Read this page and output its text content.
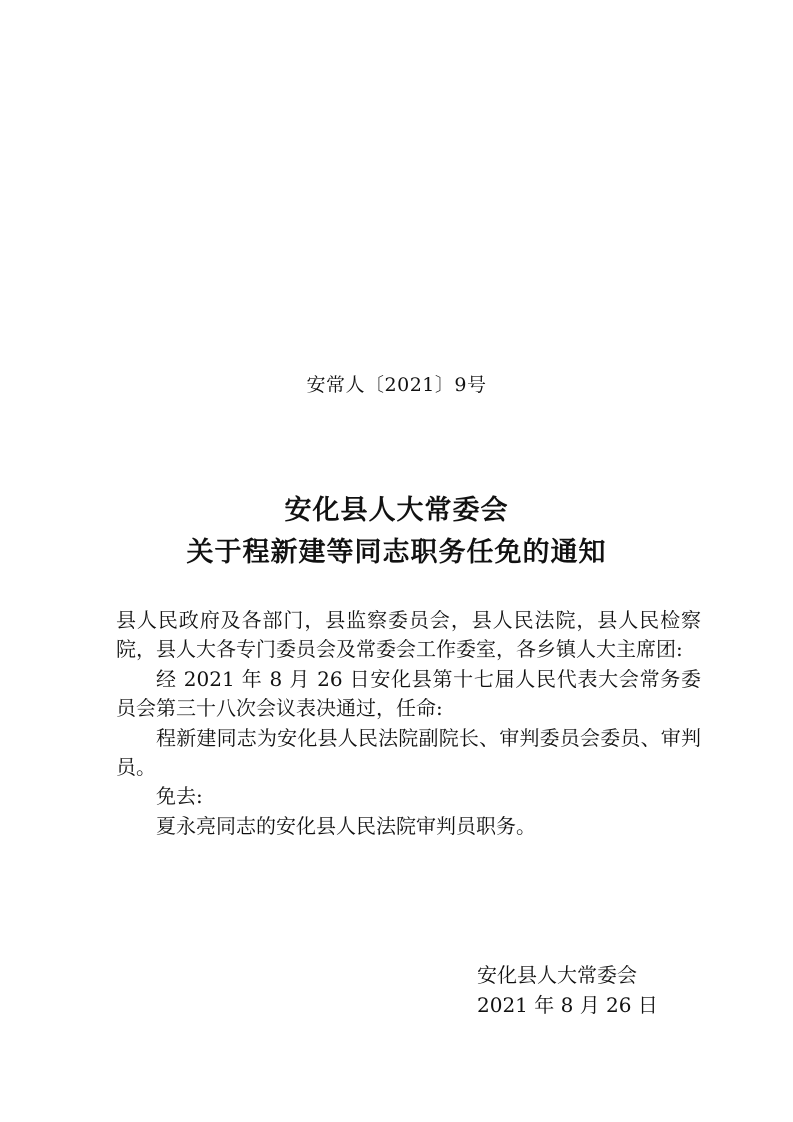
安常人〔2021〕9号
安化县人大常委会
关于程新建等同志职务任免的通知

县人民政府及各部门，县监察委员会，县人民法院，县人民检察院，县人大各专门委员会及常委会工作委室，各乡镇人大主席团:

经 2021 年 8 月 26 日安化县第十七届人民代表大会常务委员会第三十八次会议表决通过，任命:

程新建同志为安化县人民法院副院长、审判委员会委员、审判员。

免去:

夏永亮同志的安化县人民法院审判员职务。

安化县人大常委会
2021 年 8 月 26 日
